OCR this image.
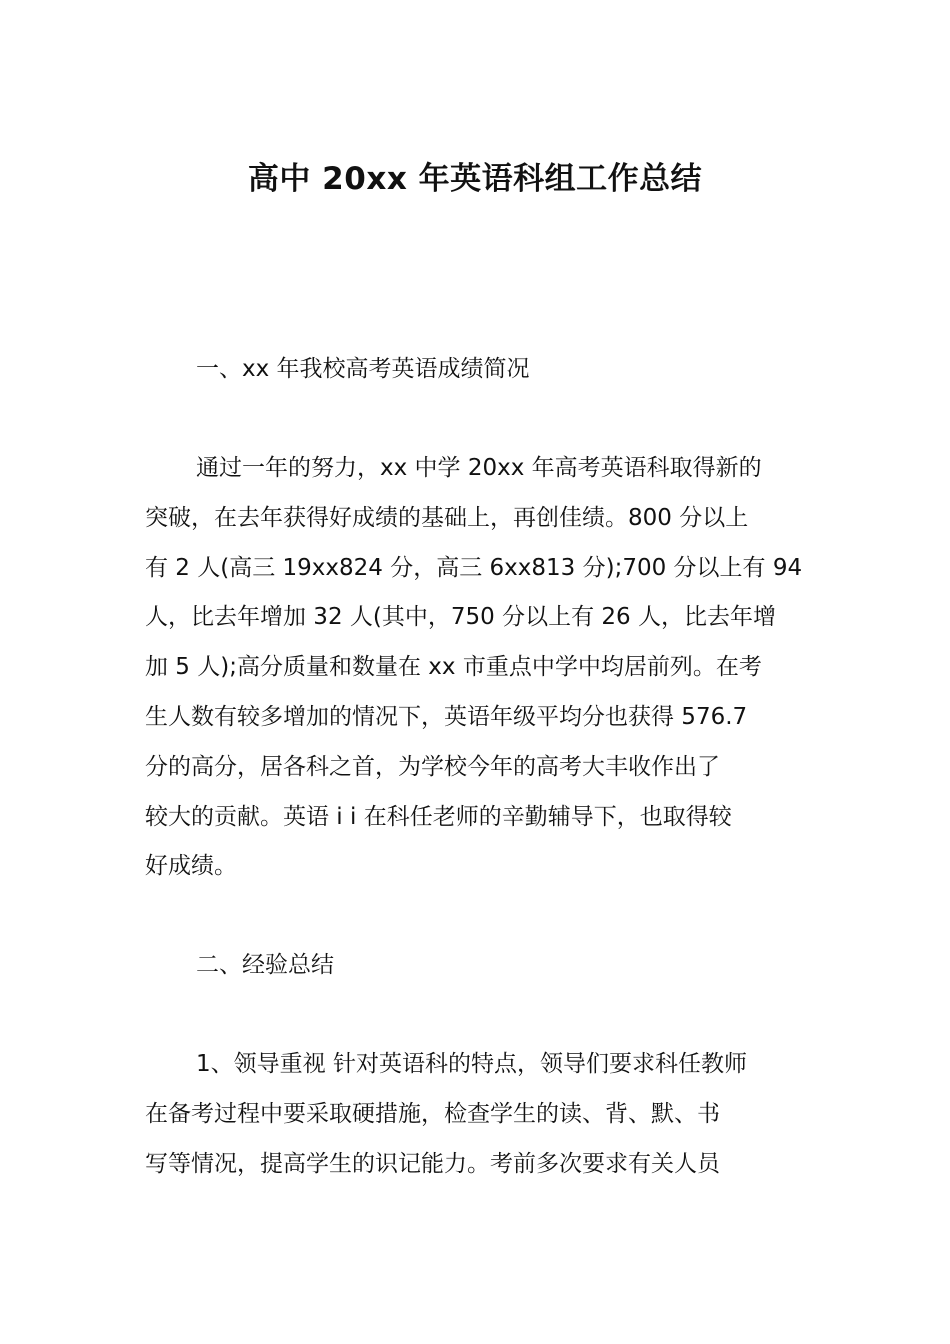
高中 20xx 年英语科组工作总结
一、xx 年我校高考英语成绩简况
通过一年的努力，xx 中学 20xx 年高考英语科取得新的
突破，在去年获得好成绩的基础上，再创佳绩。800 分以上
有 2 人(高三 19xx824 分，高三 6xx813 分);700 分以上有 94
人，比去年增加 32 人(其中，750 分以上有 26 人，比去年增
加 5 人);高分质量和数量在 xx 市重点中学中均居前列。在考
生人数有较多增加的情况下，英语年级平均分也获得 576.7
分的高分，居各科之首，为学校今年的高考大丰收作出了
较大的贡献。英语 i i 在科任老师的辛勤辅导下，也取得较
好成绩。
二、经验总结
1、领导重视 针对英语科的特点，领导们要求科任教师
在备考过程中要采取硬措施，检查学生的读、背、默、书
写等情况，提高学生的识记能力。考前多次要求有关人员
